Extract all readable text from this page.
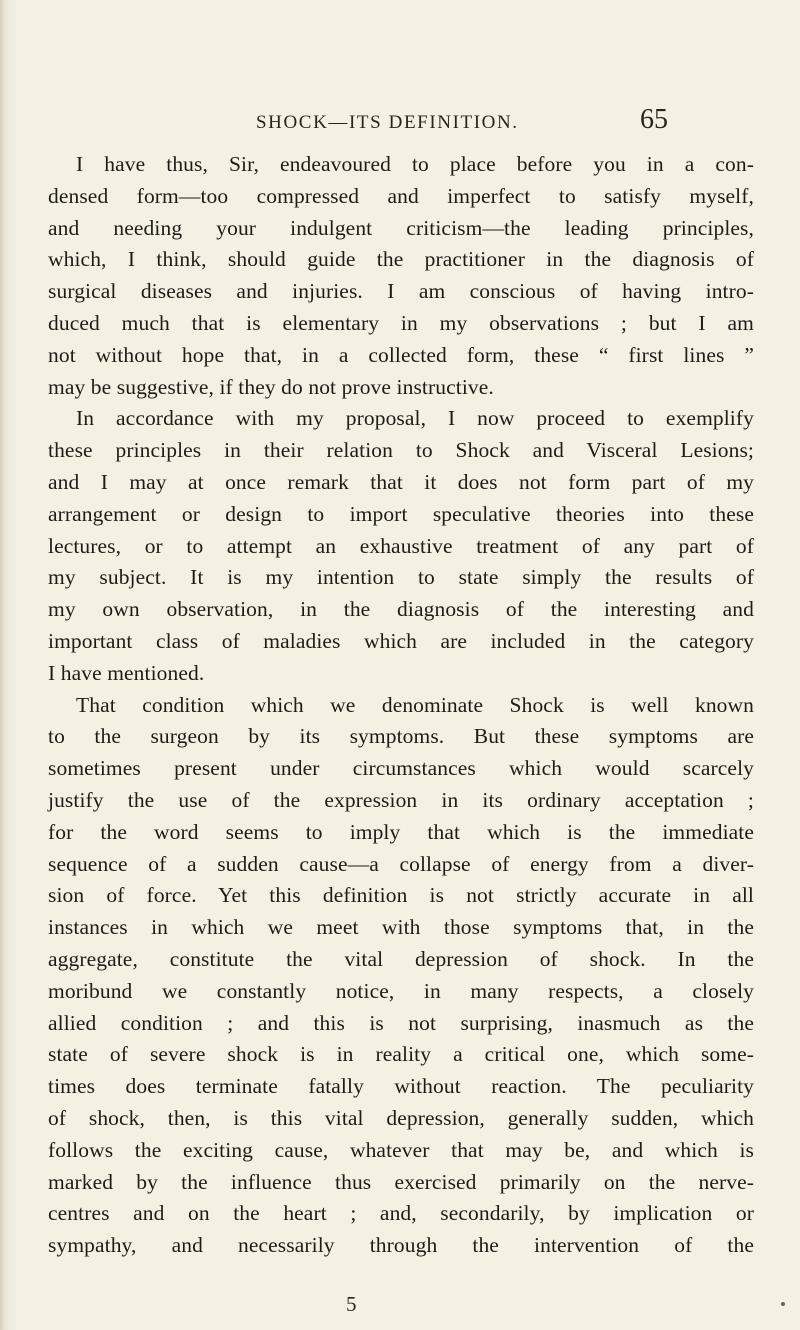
SHOCK—ITS DEFINITION.	65
I have thus, Sir, endeavoured to place before you in a con-
densed form—too compressed and imperfect to satisfy myself,
and needing your indulgent criticism—the leading principles,
which, I think, should guide the practitioner in the diagnosis of
surgical diseases and injuries. I am conscious of having intro-
duced much that is elementary in my observations ; but I am
not without hope that, in a collected form, these “ first lines ”
may be suggestive, if they do not prove instructive.
In accordance with my proposal, I now proceed to exemplify
these principles in their relation to Shock and Visceral Lesions;
and I may at once remark that it does not form part of my
arrangement or design to import speculative theories into these
lectures, or to attempt an exhaustive treatment of any part of
my subject. It is my intention to state simply the results of
my own observation, in the diagnosis of the interesting and
important class of maladies which are included in the category
I have mentioned.
That condition which we denominate Shock is well known
to the surgeon by its symptoms. But these symptoms are
sometimes present under circumstances which would scarcely
justify the use of the expression in its ordinary acceptation ;
for the word seems to imply that which is the immediate
sequence of a sudden cause—a collapse of energy from a diver-
sion of force. Yet this definition is not strictly accurate in all
instances in which we meet with those symptoms that, in the
aggregate, constitute the vital depression of shock. In the
moribund we constantly notice, in many respects, a closely
allied condition ; and this is not surprising, inasmuch as the
state of severe shock is in reality a critical one, which some-
times does terminate fatally without reaction. The peculiarity
of shock, then, is this vital depression, generally sudden, which
follows the exciting cause, whatever that may be, and which is
marked by the influence thus exercised primarily on the nerve-
centres and on the heart ; and, secondarily, by implication or
sympathy, and necessarily through the intervention of the
5
